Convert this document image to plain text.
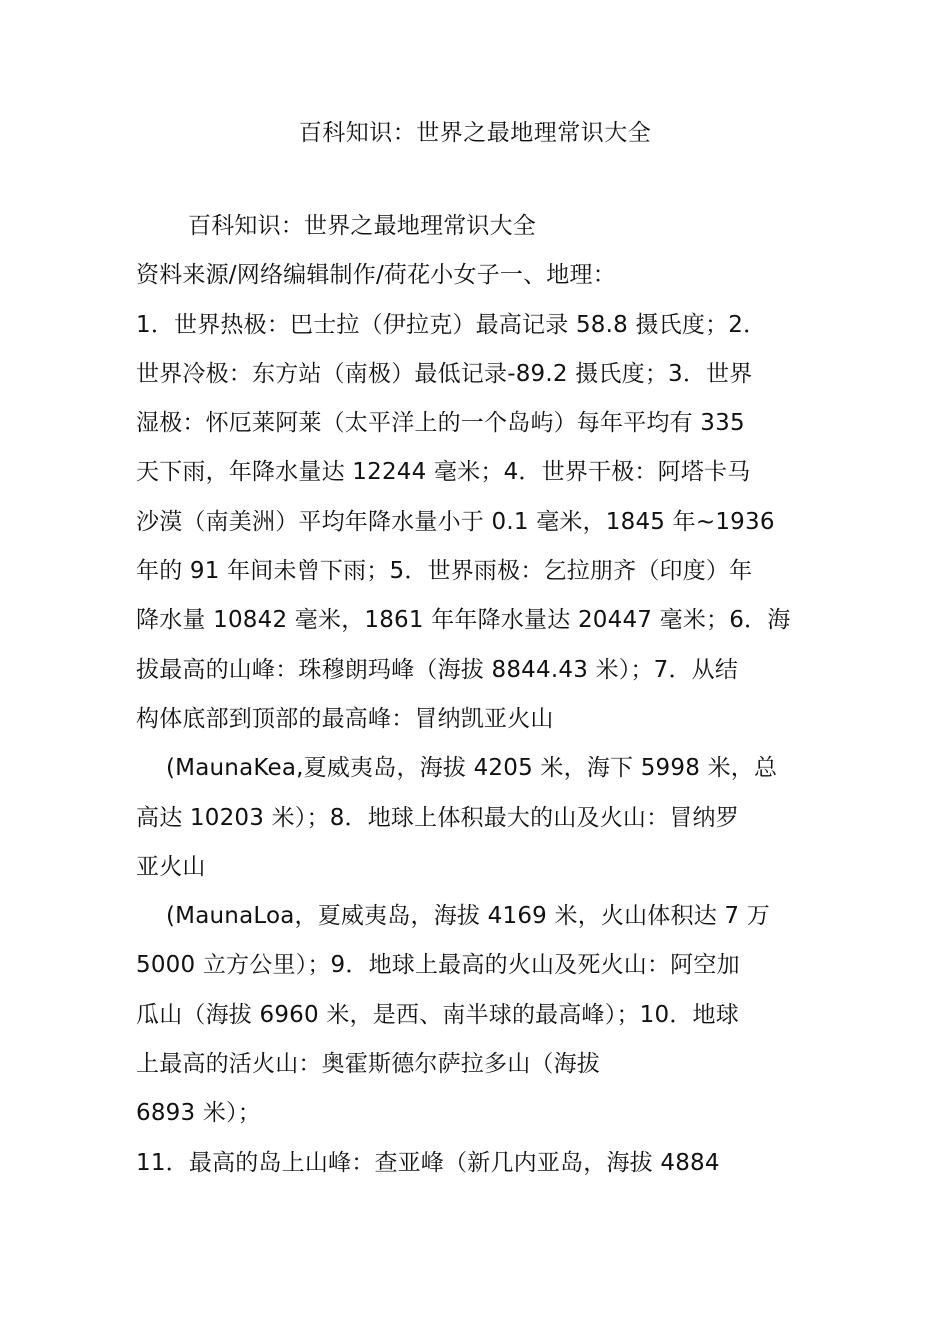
百科知识：世界之最地理常识大全
百科知识：世界之最地理常识大全
资料来源/网络编辑制作/荷花小女子一、地理：
1．世界热极：巴士拉（伊拉克）最高记录 58.8 摄氏度；2．
世界冷极：东方站（南极）最低记录-89.2 摄氏度；3．世界
湿极：怀厄莱阿莱（太平洋上的一个岛屿）每年平均有 335
天下雨，年降水量达 12244 毫米；4．世界干极：阿塔卡马
沙漠（南美洲）平均年降水量小于 0.1 毫米，1845 年~1936
年的 91 年间未曾下雨；5．世界雨极：乞拉朋齐（印度）年
降水量 10842 毫米，1861 年年降水量达 20447 毫米；6．海
拔最高的山峰：珠穆朗玛峰（海拔 8844.43 米）；7．从结
构体底部到顶部的最高峰：冒纳凯亚火山
(MaunaKea,夏威夷岛，海拔 4205 米，海下 5998 米，总
高达 10203 米）；8．地球上体积最大的山及火山：冒纳罗
亚火山
(MaunaLoa，夏威夷岛，海拔 4169 米，火山体积达 7 万
5000 立方公里）；9．地球上最高的火山及死火山：阿空加
瓜山（海拔 6960 米，是西、南半球的最高峰）；10．地球
上最高的活火山：奥霍斯德尔萨拉多山（海拔
6893 米）；
11．最高的岛上山峰：查亚峰（新几内亚岛，海拔 4884
